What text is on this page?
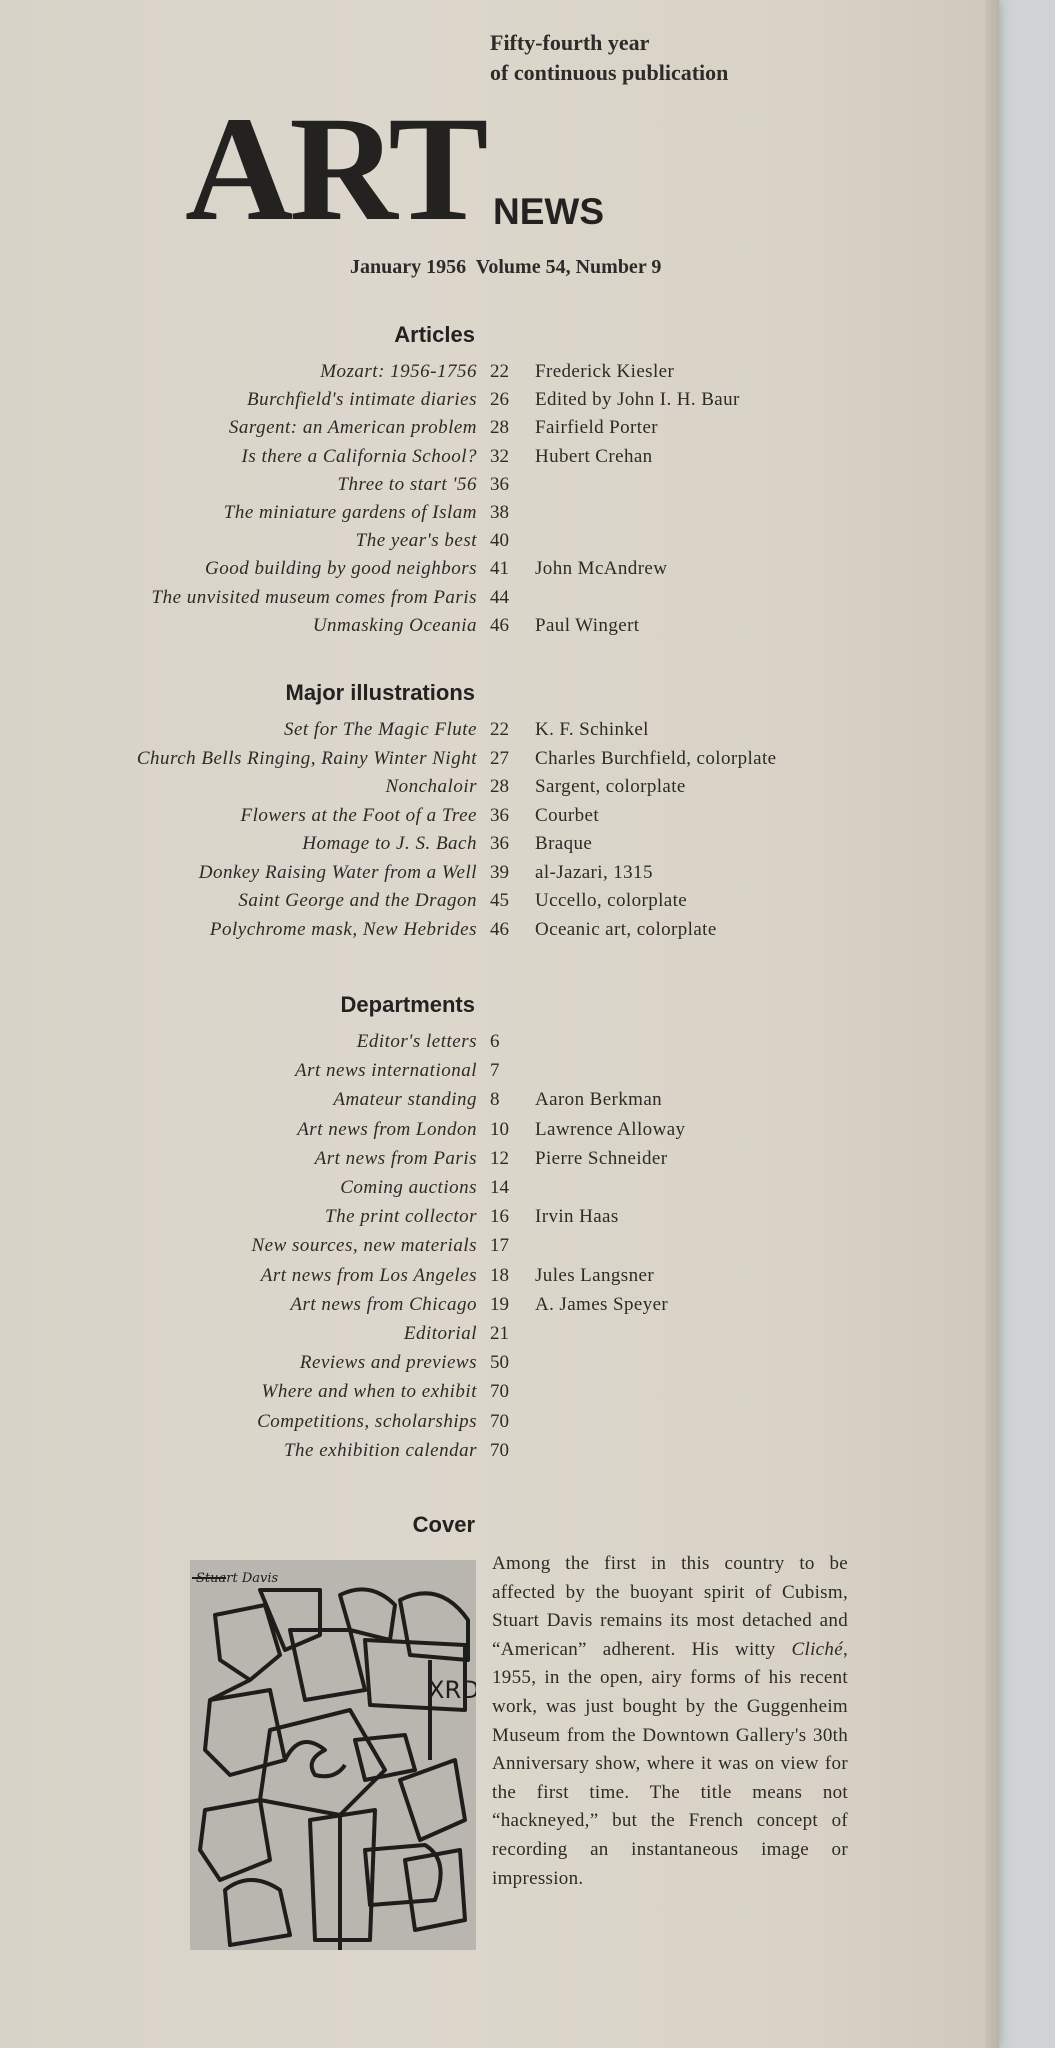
Fifty-fourth year
of continuous publication
ART NEWS
January 1956  Volume 54, Number 9
Articles
Mozart: 1956-1756 22 Frederick Kiesler
Burchfield's intimate diaries 26 Edited by John I. H. Baur
Sargent: an American problem 28 Fairfield Porter
Is there a California School? 32 Hubert Crehan
Three to start '56 36
The miniature gardens of Islam 38
The year's best 40
Good building by good neighbors 41 John McAndrew
The unvisited museum comes from Paris 44
Unmasking Oceania 46 Paul Wingert
Major illustrations
Set for The Magic Flute 22 K. F. Schinkel
Church Bells Ringing, Rainy Winter Night 27 Charles Burchfield, colorplate
Nonchaloir 28 Sargent, colorplate
Flowers at the Foot of a Tree 36 Courbet
Homage to J. S. Bach 36 Braque
Donkey Raising Water from a Well 39 al-Jazari, 1315
Saint George and the Dragon 45 Uccello, colorplate
Polychrome mask, New Hebrides 46 Oceanic art, colorplate
Departments
Editor's letters 6
Art news international 7
Amateur standing 8 Aaron Berkman
Art news from London 10 Lawrence Alloway
Art news from Paris 12 Pierre Schneider
Coming auctions 14
The print collector 16 Irvin Haas
New sources, new materials 17
Art news from Los Angeles 18 Jules Langsner
Art news from Chicago 19 A. James Speyer
Editorial 21
Reviews and previews 50
Where and when to exhibit 70
Competitions, scholarships 70
The exhibition calendar 70
Cover
Stuart Davis
XRD
Among the first in this country to be affected by the buoyant spirit of Cubism, Stuart Davis remains its most detached and “American” adherent. His witty Cliché, 1955, in the open, airy forms of his recent work, was just bought by the Guggenheim Museum from the Downtown Gallery's 30th Anniversary show, where it was on view for the first time. The title means not “hackneyed,” but the French concept of recording an instantaneous image or impression.
